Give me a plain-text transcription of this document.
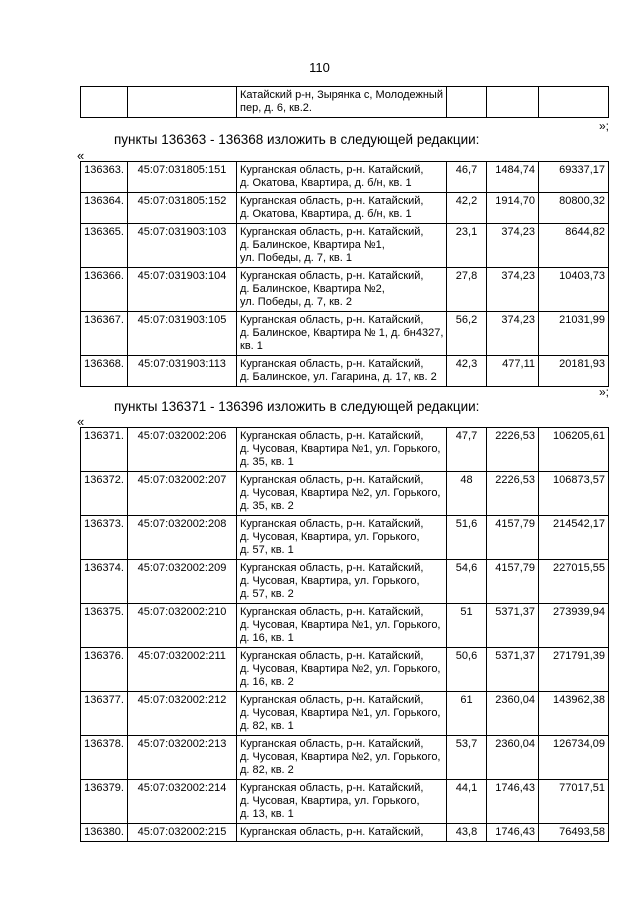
110

Катайский р-н, Зырянка с, Молодежный
пер, д. 6, кв.2.

»;
пункты 136363 - 136368 изложить в следующей редакции:
«
136363.	45:07:031805:151	Курганская область, р-н. Катайский,
д. Окатова, Квартира, д. б/н, кв. 1	46,7	1484,74	69337,17
136364.	45:07:031805:152	Курганская область, р-н. Катайский,
д. Окатова, Квартира, д. б/н, кв. 1	42,2	1914,70	80800,32
136365.	45:07:031903:103	Курганская область, р-н. Катайский,
д. Балинское, Квартира №1,
ул. Победы, д. 7, кв. 1	23,1	374,23	8644,82
136366.	45:07:031903:104	Курганская область, р-н. Катайский,
д. Балинское, Квартира №2,
ул. Победы, д. 7, кв. 2	27,8	374,23	10403,73
136367.	45:07:031903:105	Курганская область, р-н. Катайский,
д. Балинское, Квартира № 1, д. бн4327,
кв. 1	56,2	374,23	21031,99
136368.	45:07:031903:113	Курганская область, р-н. Катайский,
д. Балинское, ул. Гагарина, д. 17, кв. 2	42,3	477,11	20181,93
»;
пункты 136371 - 136396 изложить в следующей редакции:
«
136371.	45:07:032002:206	Курганская область, р-н. Катайский,
д. Чусовая, Квартира №1, ул. Горького,
д. 35, кв. 1	47,7	2226,53	106205,61
136372.	45:07:032002:207	Курганская область, р-н. Катайский,
д. Чусовая, Квартира №2, ул. Горького,
д. 35, кв. 2	48	2226,53	106873,57
136373.	45:07:032002:208	Курганская область, р-н. Катайский,
д. Чусовая, Квартира, ул. Горького,
д. 57, кв. 1	51,6	4157,79	214542,17
136374.	45:07:032002:209	Курганская область, р-н. Катайский,
д. Чусовая, Квартира, ул. Горького,
д. 57, кв. 2	54,6	4157,79	227015,55
136375.	45:07:032002:210	Курганская область, р-н. Катайский,
д. Чусовая, Квартира №1, ул. Горького,
д. 16, кв. 1	51	5371,37	273939,94
136376.	45:07:032002:211	Курганская область, р-н. Катайский,
д. Чусовая, Квартира №2, ул. Горького,
д. 16, кв. 2	50,6	5371,37	271791,39
136377.	45:07:032002:212	Курганская область, р-н. Катайский,
д. Чусовая, Квартира №1, ул. Горького,
д. 82, кв. 1	61	2360,04	143962,38
136378.	45:07:032002:213	Курганская область, р-н. Катайский,
д. Чусовая, Квартира №2, ул. Горького,
д. 82, кв. 2	53,7	2360,04	126734,09
136379.	45:07:032002:214	Курганская область, р-н. Катайский,
д. Чусовая, Квартира, ул. Горького,
д. 13, кв. 1	44,1	1746,43	77017,51
136380.	45:07:032002:215	Курганская область, р-н. Катайский,	43,8	1746,43	76493,58
